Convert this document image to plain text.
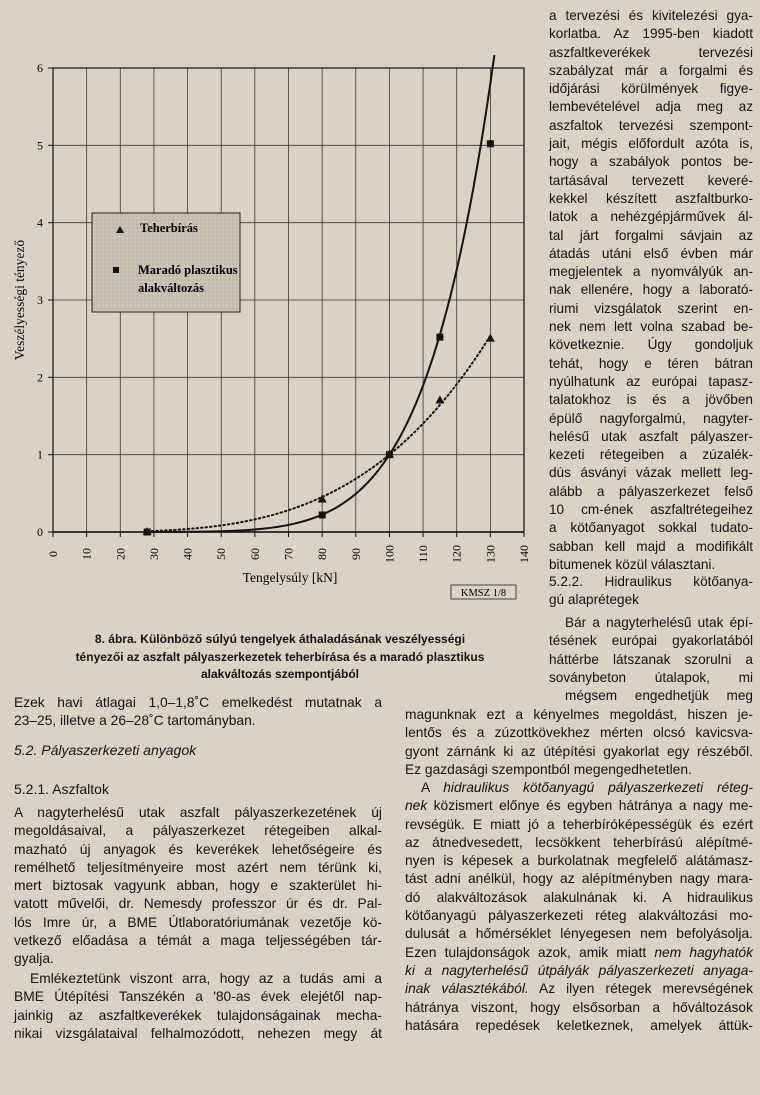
0 10 20 30 40 50 60 70 80 90 100 110 120 130 140
0
1
2
3
4
5
6
Teherbírás
Maradó plasztikus
alakváltozás
Tengelysúly [kN]
Veszélyességi tényező
KMSZ 1/8
8. ábra. Különböző súlyú tengelyek áthaladásának veszélyességi
tényezői az aszfalt pályaszerkezetek teherbírása és a maradó plasztikus
alakváltozás szempontjából
a tervezési és kivitelezési gya-
korlatba. Az 1995-ben kiadott
aszfaltkeverékek tervezési
szabályzat már a forgalmi és
időjárási körülmények figye-
lembevételével adja meg az
aszfaltok tervezési szempont-
jait, mégis előfordult azóta is,
hogy a szabályok pontos be-
tartásával tervezett keveré-
kekkel készített aszfaltburko-
latok a nehézgépjárművek ál-
tal járt forgalmi sávjain az
átadás utáni első évben már
megjelentek a nyomvályúk an-
nak ellenére, hogy a laborató-
riumi vizsgálatok szerint en-
nek nem lett volna szabad be-
következnie. Úgy gondoljuk
tehát, hogy e téren bátran
nyúlhatunk az európai tapasz-
talatokhoz is és a jövőben
épülő nagyforgalmú, nagyter-
helésű utak aszfalt pályaszer-
kezeti rétegeiben a zúzalék-
dús ásványi vázak mellett leg-
alább a pályaszerkezet felső
10 cm-ének aszfaltrétegeihez
a kötőanyagot sokkal tudato-
sabban kell majd a modifikált
bitumenek közül választani.
5.2.2. Hidraulikus kötőanya-
gú alaprétegek
Bár a nagyterhelésű utak épí-
tésének európai gyakorlatából
háttérbe látszanak szorulni a
soványbeton útalapok, mi
mégsem engedhetjük meg
Ezek havi átlagai 1,0–1,8˚C emelkedést mutatnak a
23–25, illetve a 26–28˚C tartományban.
5.2. Pályaszerkezeti anyagok
5.2.1. Aszfaltok
A nagyterhelésű utak aszfalt pályaszerkezetének új
megoldásaival, a pályaszerkezet rétegeiben alkal-
mazható új anyagok és keverékek lehetőségeire és
remélhető teljesítményeire most azért nem térünk ki,
mert biztosak vagyunk abban, hogy e szakterület hi-
vatott művelői, dr. Nemesdy professzor úr és dr. Pal-
lós Imre úr, a BME Útlaboratóriumának vezetője kö-
vetkező előadása a témát a maga teljességében tár-
gyalja.
Emlékeztetünk viszont arra, hogy az a tudás ami a
BME Útépítési Tanszékén a '80-as évek elejétől nap-
jainkig az aszfaltkeverékek tulajdonságainak mecha-
nikai vizsgálataival felhalmozódott, nehezen megy át
magunknak ezt a kényelmes megoldást, hiszen je-
lentős és a zúzottkövekhez mérten olcsó kavicsva-
gyont zárnánk ki az útépítési gyakorlat egy részéből.
Ez gazdasági szempontból megengedhetetlen.
A hidraulikus kötőanyagú pályaszerkezeti réteg-
nek közismert előnye és egyben hátránya a nagy me-
revségük. E miatt jó a teherbíróképességük és ezért
az átnedvesedett, lecsökkent teherbírású alépítmé-
nyen is képesek a burkolatnak megfelelő alátámasz-
tást adni anélkül, hogy az alépítményben nagy mara-
dó alakváltozások alakulnának ki. A hidraulikus
kötőanyagú pályaszerkezeti réteg alakváltozási mo-
dulusát a hőmérséklet lényegesen nem befolyásolja.
Ezen tulajdonságok azok, amik miatt nem hagyhatók
ki a nagyterhelésű útpályák pályaszerkezeti anyaga-
inak választékából. Az ilyen rétegek merevségének
hátránya viszont, hogy elsősorban a hőváltozások
hatására repedések keletkeznek, amelyek áttük-
